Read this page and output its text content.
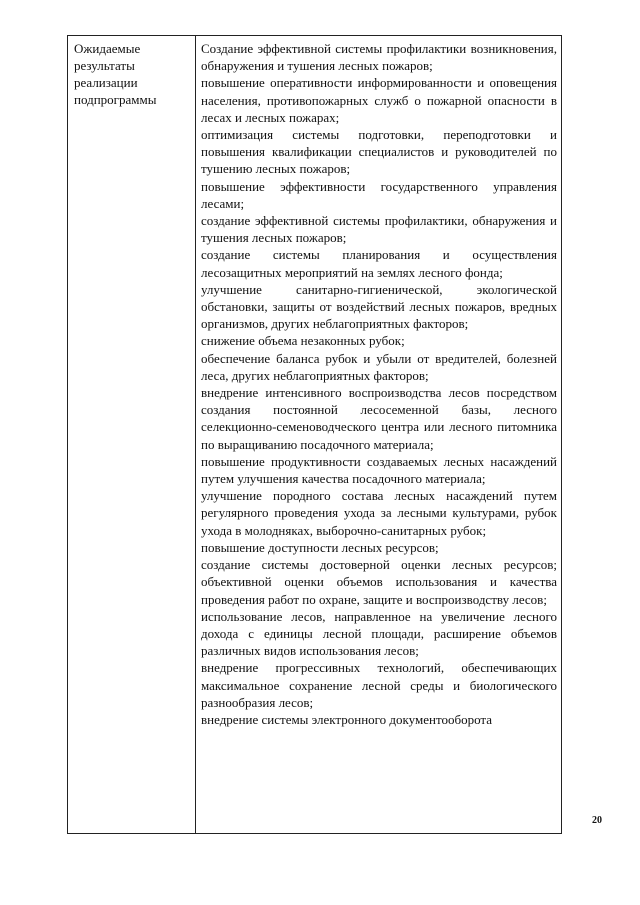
Ожидаемые результаты реализации подпрограммы

Создание эффективной системы профилактики возникновения, обнаружения и тушения лесных пожаров;

повышение оперативности информированности и оповещения населения, противопожарных служб о пожарной опасности в лесах и лесных пожарах;

оптимизация системы подготовки, переподготовки и повышения квалификации специалистов и руководителей по тушению лесных пожаров;

повышение эффективности государственного управления лесами;

создание эффективной системы профилактики, обнаружения и тушения лесных пожаров;

создание системы планирования и осуществления лесозащитных мероприятий на землях лесного фонда;

улучшение санитарно-гигиенической, экологической обстановки, защиты от воздействий лесных пожаров, вредных организмов, других неблагоприятных факторов;

снижение объема незаконных рубок;

обеспечение баланса рубок и убыли от вредителей, болезней леса, других неблагоприятных факторов;

внедрение интенсивного воспроизводства лесов посредством создания постоянной лесосеменной базы, лесного селекционно-семеноводческого центра или лесного питомника по выращиванию посадочного материала;

повышение продуктивности создаваемых лесных насаждений путем улучшения качества посадочного материала;

улучшение породного состава лесных насаждений путем регулярного проведения ухода за лесными культурами, рубок ухода в молодняках, выборочно-санитарных рубок;

повышение доступности лесных ресурсов;

создание системы достоверной оценки лесных ресурсов; объективной оценки объемов использования и качества проведения работ по охране, защите и воспроизводству лесов;

использование лесов, направленное на увеличение лесного дохода с единицы лесной площади, расширение объемов различных видов использования лесов;

внедрение прогрессивных технологий, обеспечивающих максимальное сохранение лесной среды и биологического разнообразия лесов;

внедрение системы электронного документооборота

20
